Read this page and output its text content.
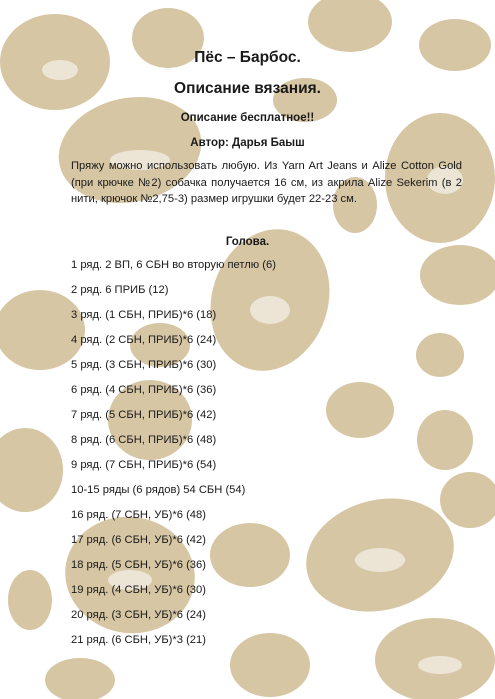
Пёс – Барбос.
Описание вязания.
Описание бесплатное!!
Автор: Дарья Баыш

Пряжу можно использовать любую. Из Yarn Art Jeans и Alize Cotton Gold (при крючке №2) собачка получается 16 см, из акрила Alize Sekerim (в 2 нити, крючок №2,75-3) размер игрушки будет 22-23 см.

Голова.
1 ряд. 2 ВП, 6 СБН во вторую петлю (6)
2 ряд. 6 ПРИБ (12)
3 ряд. (1 СБН, ПРИБ)*6 (18)
4 ряд. (2 СБН, ПРИБ)*6 (24)
5 ряд. (3 СБН, ПРИБ)*6 (30)
6 ряд. (4 СБН, ПРИБ)*6 (36)
7 ряд. (5 СБН, ПРИБ)*6 (42)
8 ряд. (6 СБН, ПРИБ)*6 (48)
9 ряд. (7 СБН, ПРИБ)*6 (54)
10-15 ряды (6 рядов) 54 СБН (54)
16 ряд. (7 СБН, УБ)*6 (48)
17 ряд. (6 СБН, УБ)*6 (42)
18 ряд. (5 СБН, УБ)*6 (36)
19 ряд. (4 СБН, УБ)*6 (30)
20 ряд. (3 СБН, УБ)*6 (24)
21 ряд. (6 СБН, УБ)*3 (21)
